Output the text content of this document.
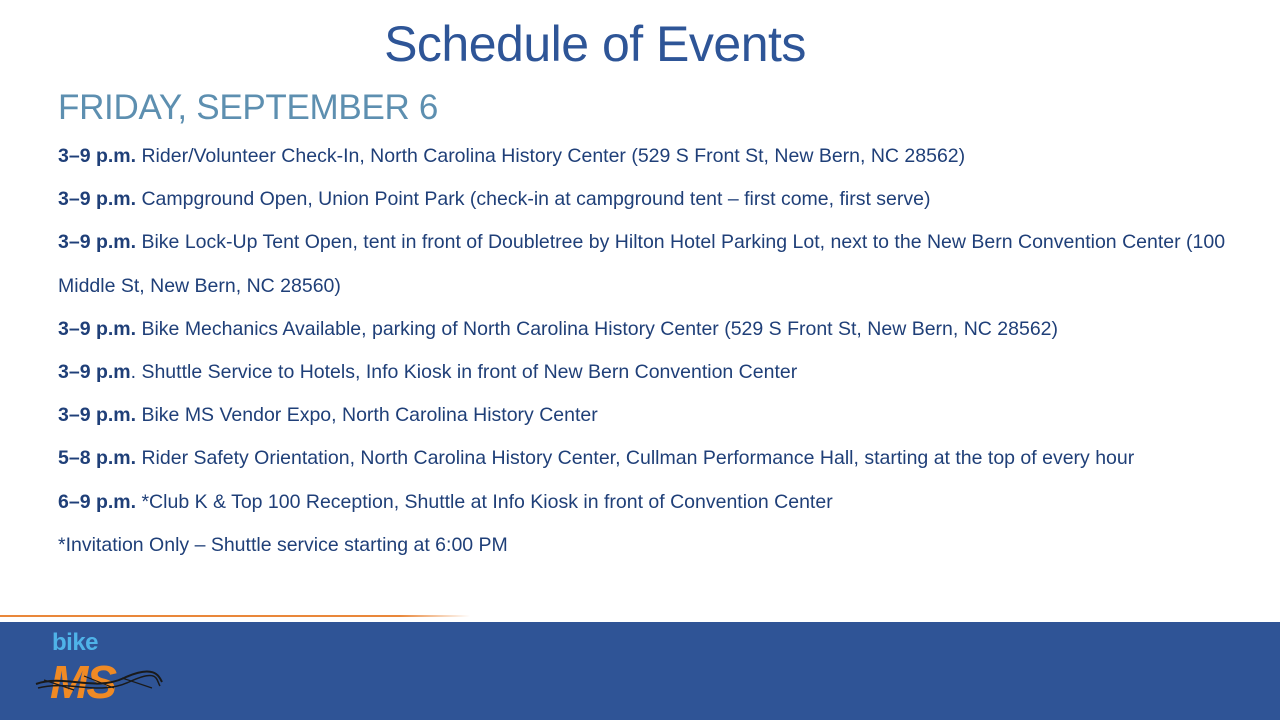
Schedule of Events
FRIDAY, SEPTEMBER 6
3–9 p.m. Rider/Volunteer Check-In, North Carolina History Center (529 S Front St, New Bern, NC 28562)
3–9 p.m. Campground Open, Union Point Park (check-in at campground tent – first come, first serve)
3–9 p.m. Bike Lock-Up Tent Open, tent in front of Doubletree by Hilton Hotel Parking Lot, next to the New Bern Convention Center (100 Middle St, New Bern, NC 28560)
3–9 p.m. Bike Mechanics Available, parking of North Carolina History Center (529 S Front St, New Bern, NC 28562)
3–9 p.m. Shuttle Service to Hotels, Info Kiosk in front of New Bern Convention Center
3–9 p.m. Bike MS Vendor Expo, North Carolina History Center
5–8 p.m. Rider Safety Orientation, North Carolina History Center, Cullman Performance Hall, starting at the top of every hour
6–9 p.m. *Club K & Top 100 Reception, Shuttle at Info Kiosk in front of Convention Center
*Invitation Only – Shuttle service starting at 6:00 PM
bike
MS
